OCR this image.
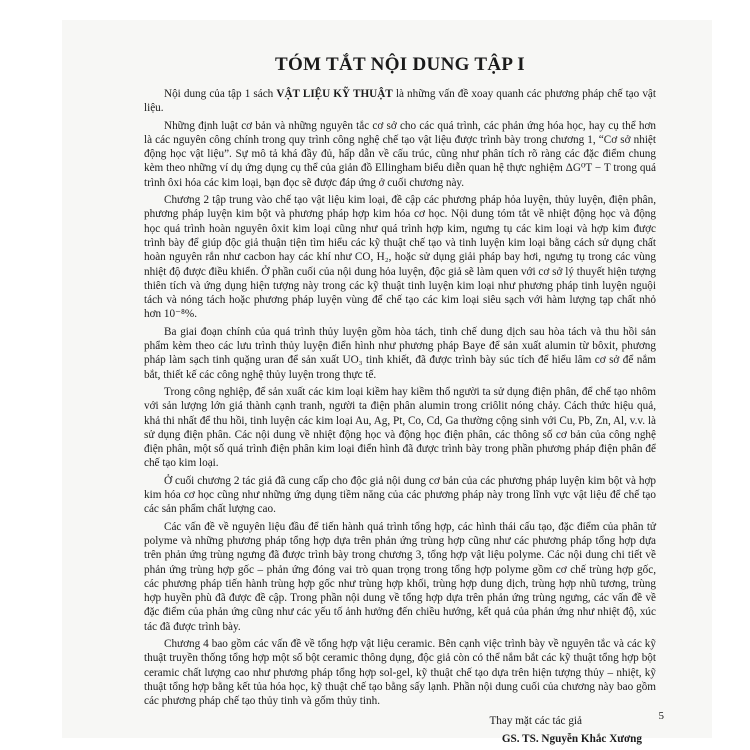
TÓM TẮT NỘI DUNG TẬP I

Nội dung của tập 1 sách VẬT LIỆU KỸ THUẬT là những vấn đề xoay quanh các phương pháp chế tạo vật liệu.

Những định luật cơ bản và những nguyên tắc cơ sở cho các quá trình, các phản ứng hóa học, hay cụ thể hơn là các nguyên công chính trong quy trình công nghệ chế tạo vật liệu được trình bày trong chương 1, “Cơ sở nhiệt động học vật liệu”. Sự mô tả khá đầy đủ, hấp dẫn về cấu trúc, cũng như phân tích rõ ràng các đặc điểm chung kèm theo những ví dụ ứng dụng cụ thể của giản đồ Ellingham biểu diễn quan hệ thực nghiệm ΔG⁰T − T trong quá trình ôxi hóa các kim loại, bạn đọc sẽ được đáp ứng ở cuối chương này.

Chương 2 tập trung vào chế tạo vật liệu kim loại, đề cập các phương pháp hỏa luyện, thủy luyện, điện phân, phương pháp luyện kim bột và phương pháp hợp kim hóa cơ học. Nội dung tóm tắt về nhiệt động học và động học quá trình hoàn nguyên ôxit kim loại cũng như quá trình hợp kim, ngưng tụ các kim loại và hợp kim được trình bày để giúp độc giả thuận tiện tìm hiểu các kỹ thuật chế tạo và tinh luyện kim loại bằng cách sử dụng chất hoàn nguyên rắn như cacbon hay các khí như CO, H₂, hoặc sử dụng giải pháp bay hơi, ngưng tụ trong các vùng nhiệt độ được điều khiển. Ở phần cuối của nội dung hỏa luyện, độc giả sẽ làm quen với cơ sở lý thuyết hiện tượng thiên tích và ứng dụng hiện tượng này trong các kỹ thuật tinh luyện kim loại như phương pháp tinh luyện nguội tách và nóng tách hoặc phương pháp luyện vùng để chế tạo các kim loại siêu sạch với hàm lượng tạp chất nhỏ hơn 10⁻⁸%.

Ba giai đoạn chính của quá trình thủy luyện gồm hòa tách, tinh chế dung dịch sau hòa tách và thu hồi sản phẩm kèm theo các lưu trình thủy luyện điển hình như phương pháp Baye để sản xuất alumin từ bôxit, phương pháp làm sạch tinh quặng uran để sản xuất UO₃ tinh khiết, đã được trình bày súc tích để hiểu lâm cơ sở để nắm bắt, thiết kế các công nghệ thủy luyện trong thực tế.

Trong công nghiệp, để sản xuất các kim loại kiềm hay kiềm thổ người ta sử dụng điện phân, để chế tạo nhôm với sản lượng lớn giá thành cạnh tranh, người ta điện phân alumin trong criôlit nóng chảy. Cách thức hiệu quả, khả thi nhất để thu hồi, tinh luyện các kim loại Au, Ag, Pt, Co, Cd, Ga thường cộng sinh với Cu, Pb, Zn, Al, v.v. là sử dụng điện phân. Các nội dung về nhiệt động học và động học điện phân, các thông số cơ bản của công nghệ điện phân, một số quá trình điện phân kim loại điển hình đã được trình bày trong phần phương pháp điện phân để chế tạo kim loại.

Ở cuối chương 2 tác giả đã cung cấp cho độc giả nội dung cơ bản của các phương pháp luyện kim bột và hợp kim hóa cơ học cũng như những ứng dụng tiềm năng của các phương pháp này trong lĩnh vực vật liệu để chế tạo các sản phẩm chất lượng cao.

Các vấn đề về nguyên liệu đầu để tiến hành quá trình tổng hợp, các hình thái cấu tạo, đặc điểm của phân tử polyme và những phương pháp tổng hợp dựa trên phản ứng trùng hợp cũng như các phương pháp tổng hợp dựa trên phản ứng trùng ngưng đã được trình bày trong chương 3, tổng hợp vật liệu polyme. Các nội dung chi tiết về phản ứng trùng hợp gốc – phản ứng đóng vai trò quan trọng trong tổng hợp polyme gồm cơ chế trùng hợp gốc, các phương pháp tiến hành trùng hợp gốc như trùng hợp khối, trùng hợp dung dịch, trùng hợp nhũ tương, trùng hợp huyền phù đã được đề cập. Trong phần nội dung về tổng hợp dựa trên phản ứng trùng ngưng, các vấn đề về đặc điểm của phản ứng cũng như các yếu tố ảnh hưởng đến chiều hướng, kết quả của phản ứng như nhiệt độ, xúc tác đã được trình bày.

Chương 4 bao gồm các vấn đề về tổng hợp vật liệu ceramic. Bên cạnh việc trình bày về nguyên tắc và các kỹ thuật truyền thống tổng hợp một số bột ceramic thông dụng, độc giả còn có thể nắm bắt các kỹ thuật tổng hợp bột ceramic chất lượng cao như phương pháp tổng hợp sol-gel, kỹ thuật chế tạo dựa trên hiện tượng thủy – nhiệt, kỹ thuật tổng hợp bằng kết tủa hóa học, kỹ thuật chế tạo bằng sấy lạnh. Phần nội dung cuối của chương này bao gồm các phương pháp chế tạo thủy tinh và gốm thủy tinh.

Thay mặt các tác giả
GS. TS. Nguyễn Khắc Xương
5
